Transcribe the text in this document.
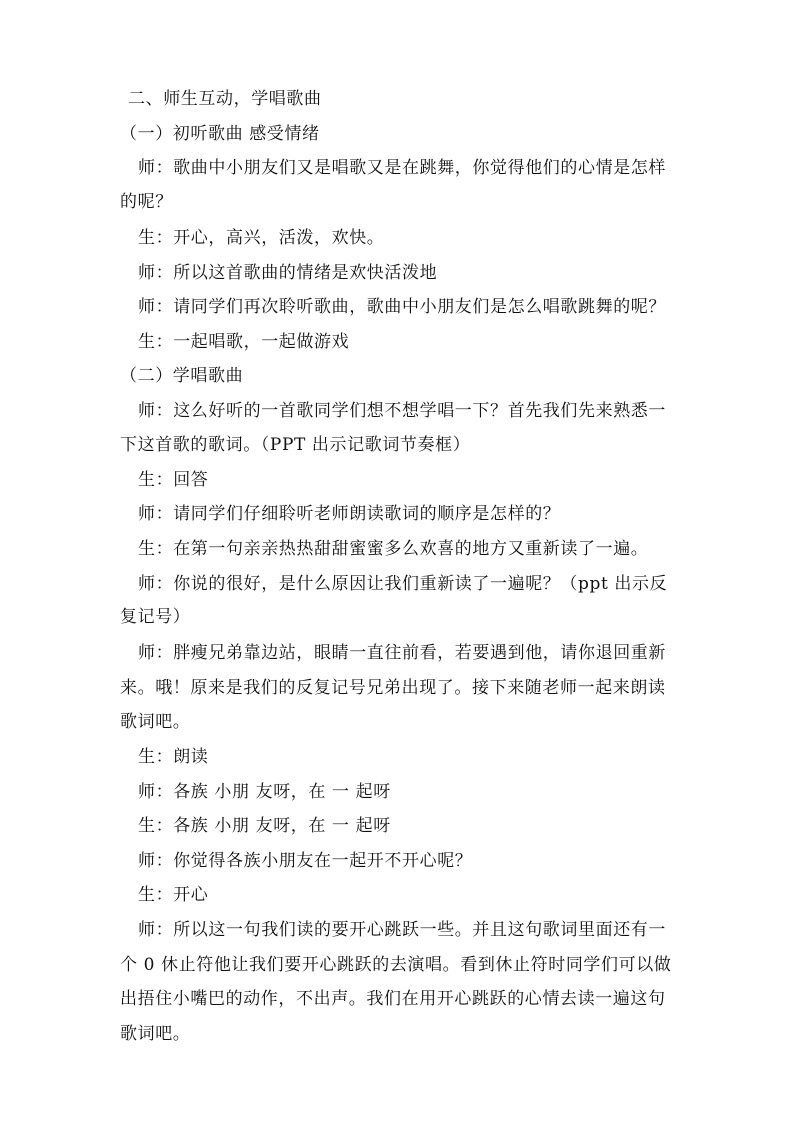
二、师生互动，学唱歌曲
（一）初听歌曲 感受情绪
师：歌曲中小朋友们又是唱歌又是在跳舞，你觉得他们的心情是怎样
的呢？
生：开心，高兴，活泼，欢快。
师：所以这首歌曲的情绪是欢快活泼地
师：请同学们再次聆听歌曲，歌曲中小朋友们是怎么唱歌跳舞的呢？
生：一起唱歌，一起做游戏
（二）学唱歌曲
师：这么好听的一首歌同学们想不想学唱一下？首先我们先来熟悉一
下这首歌的歌词。（PPT 出示记歌词节奏框）
生：回答
师：请同学们仔细聆听老师朗读歌词的顺序是怎样的？
生：在第一句亲亲热热甜甜蜜蜜多么欢喜的地方又重新读了一遍。
师：你说的很好，是什么原因让我们重新读了一遍呢？（ppt 出示反
复记号）
师：胖瘦兄弟靠边站，眼睛一直往前看，若要遇到他，请你退回重新
来。哦！原来是我们的反复记号兄弟出现了。接下来随老师一起来朗读
歌词吧。
生：朗读
师：各族 小朋 友呀，在 一 起呀
生：各族 小朋 友呀，在 一 起呀
师：你觉得各族小朋友在一起开不开心呢？
生：开心
师：所以这一句我们读的要开心跳跃一些。并且这句歌词里面还有一
个 0 休止符他让我们要开心跳跃的去演唱。看到休止符时同学们可以做
出捂住小嘴巴的动作，不出声。我们在用开心跳跃的心情去读一遍这句
歌词吧。
